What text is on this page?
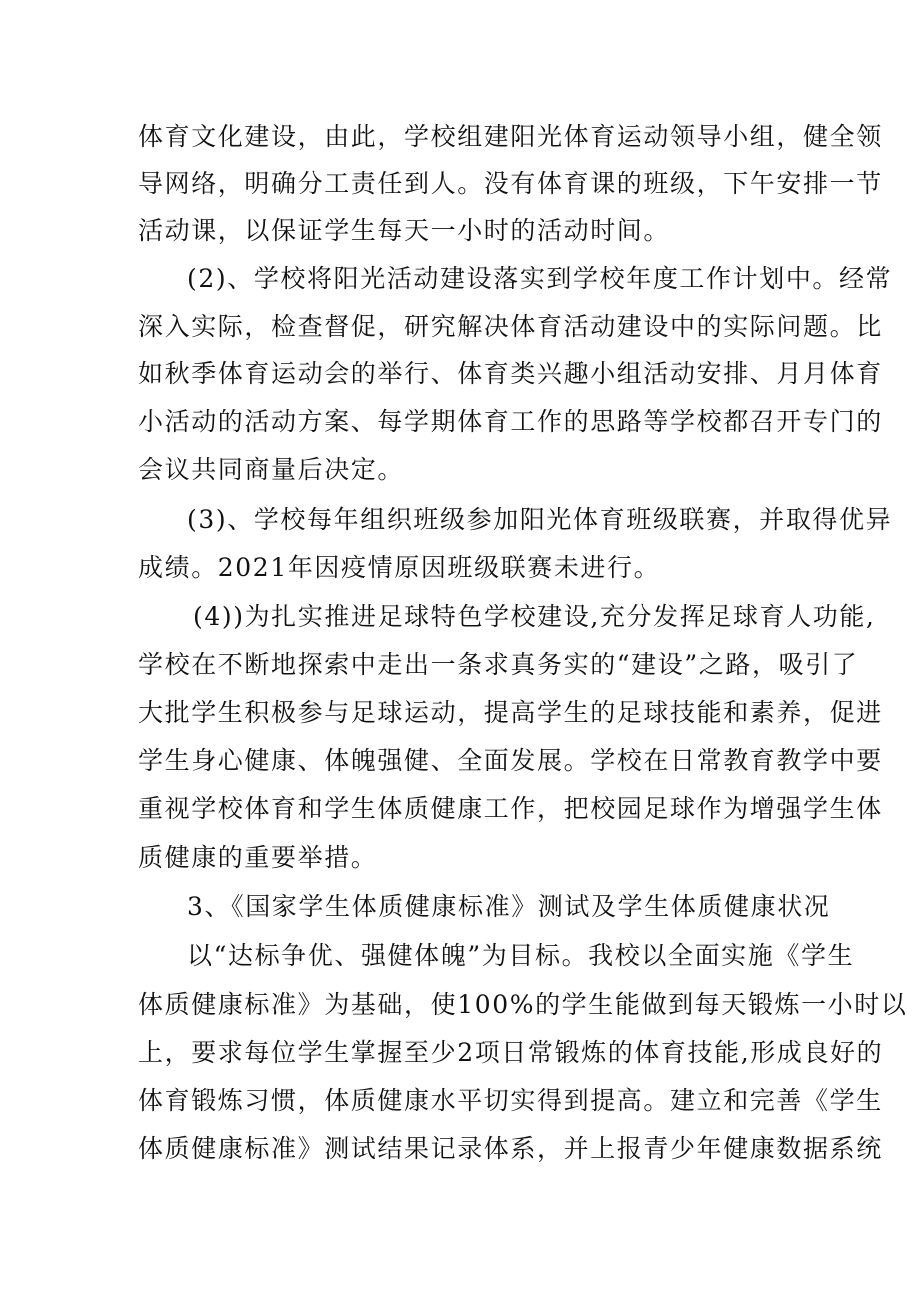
体育文化建设，由此，学校组建阳光体育运动领导小组，健全领
导网络，明确分工责任到人。没有体育课的班级，下午安排一节
活动课，以保证学生每天一小时的活动时间。
(2)、学校将阳光活动建设落实到学校年度工作计划中。经常
深入实际，检查督促，研究解决体育活动建设中的实际问题。比
如秋季体育运动会的举行、体育类兴趣小组活动安排、月月体育
小活动的活动方案、每学期体育工作的思路等学校都召开专门的
会议共同商量后决定。
(3)、学校每年组织班级参加阳光体育班级联赛，并取得优异
成绩。2021年因疫情原因班级联赛未进行。
(4))为扎实推进足球特色学校建设,充分发挥足球育人功能,
学校在不断地探索中走出一条求真务实的“建设”之路，吸引了
大批学生积极参与足球运动，提高学生的足球技能和素养，促进
学生身心健康、体魄强健、全面发展。学校在日常教育教学中要
重视学校体育和学生体质健康工作，把校园足球作为增强学生体
质健康的重要举措。
3、《国家学生体质健康标准》测试及学生体质健康状况
以“达标争优、强健体魄”为目标。我校以全面实施《学生
体质健康标准》为基础，使100%的学生能做到每天锻炼一小时以
上，要求每位学生掌握至少2项日常锻炼的体育技能,形成良好的
体育锻炼习惯，体质健康水平切实得到提高。建立和完善《学生
体质健康标准》测试结果记录体系，并上报青少年健康数据系统
